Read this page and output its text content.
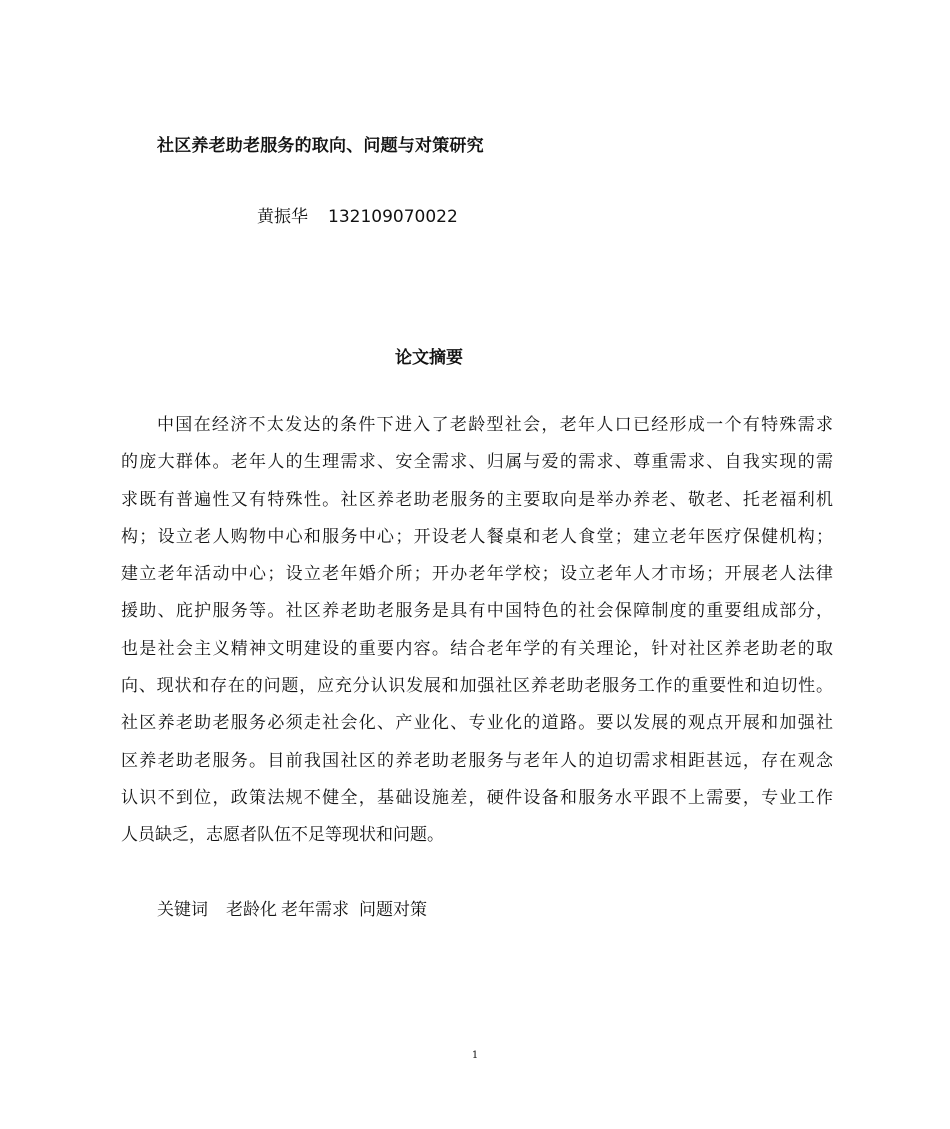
社区养老助老服务的取向、问题与对策研究
黄振华 132109070022
论文摘要
中国在经济不太发达的条件下进入了老龄型社会，老年人口已经形成一个有特殊需求
的庞大群体。老年人的生理需求、安全需求、归属与爱的需求、尊重需求、自我实现的需
求既有普遍性又有特殊性。社区养老助老服务的主要取向是举办养老、敬老、托老福利机
构；设立老人购物中心和服务中心；开设老人餐桌和老人食堂；建立老年医疗保健机构；
建立老年活动中心；设立老年婚介所；开办老年学校；设立老年人才市场；开展老人法律
援助、庇护服务等。社区养老助老服务是具有中国特色的社会保障制度的重要组成部分，
也是社会主义精神文明建设的重要内容。结合老年学的有关理论，针对社区养老助老的取
向、现状和存在的问题，应充分认识发展和加强社区养老助老服务工作的重要性和迫切性。
社区养老助老服务必须走社会化、产业化、专业化的道路。要以发展的观点开展和加强社
区养老助老服务。目前我国社区的养老助老服务与老年人的迫切需求相距甚远，存在观念
认识不到位，政策法规不健全，基础设施差，硬件设备和服务水平跟不上需要，专业工作
人员缺乏，志愿者队伍不足等现状和问题。
关键词 老龄化 老年需求 问题对策
1
